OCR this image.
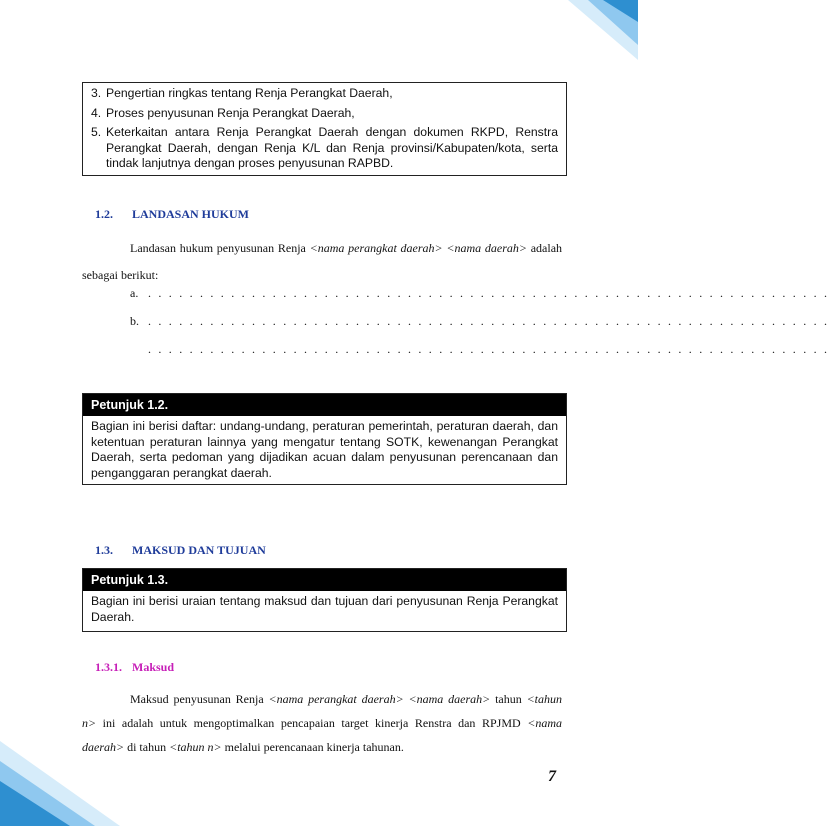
3. Pengertian ringkas tentang Renja Perangkat Daerah,
4. Proses penyusunan Renja Perangkat Daerah,
5. Keterkaitan antara Renja Perangkat Daerah dengan dokumen RKPD, Renstra Perangkat Daerah, dengan Renja K/L dan Renja provinsi/Kabupaten/kota, serta tindak lanjutnya dengan proses penyusunan RAPBD.
1.2. LANDASAN HUKUM
Landasan hukum penyusunan Renja <nama perangkat daerah> <nama daerah> adalah sebagai berikut:
a. . . . . . . . . . . . . . . . . . . . . . . . . . . . . . . . . . . . . . . . . . . . . . . . . . . . . . . . . . . . . . . . . . .
b. . . . . . . . . . . . . . . . . . . . . . . . . . . . . . . . . . . . . . . . . . . . . . . . . . . . . . . . . . . . . . . . . . .
. . . . . . . . . . . . . . . . . . . . . . . . . . . . . . . . . . . . . . . . . . . . . . . . . . . . . . . . . . . . . . . . . .
Petunjuk 1.2.
Bagian ini berisi daftar: undang-undang, peraturan pemerintah, peraturan daerah, dan ketentuan peraturan lainnya yang mengatur tentang SOTK, kewenangan Perangkat Daerah, serta pedoman yang dijadikan acuan dalam penyusunan perencanaan dan penganggaran perangkat daerah.
1.3. MAKSUD DAN TUJUAN
Petunjuk 1.3.
Bagian ini berisi uraian tentang maksud dan tujuan dari penyusunan Renja Perangkat Daerah.
1.3.1. Maksud
Maksud penyusunan Renja <nama perangkat daerah> <nama daerah> tahun <tahun n> ini adalah untuk mengoptimalkan pencapaian target kinerja Renstra dan RPJMD <nama daerah> di tahun <tahun n> melalui perencanaan kinerja tahunan.
7
